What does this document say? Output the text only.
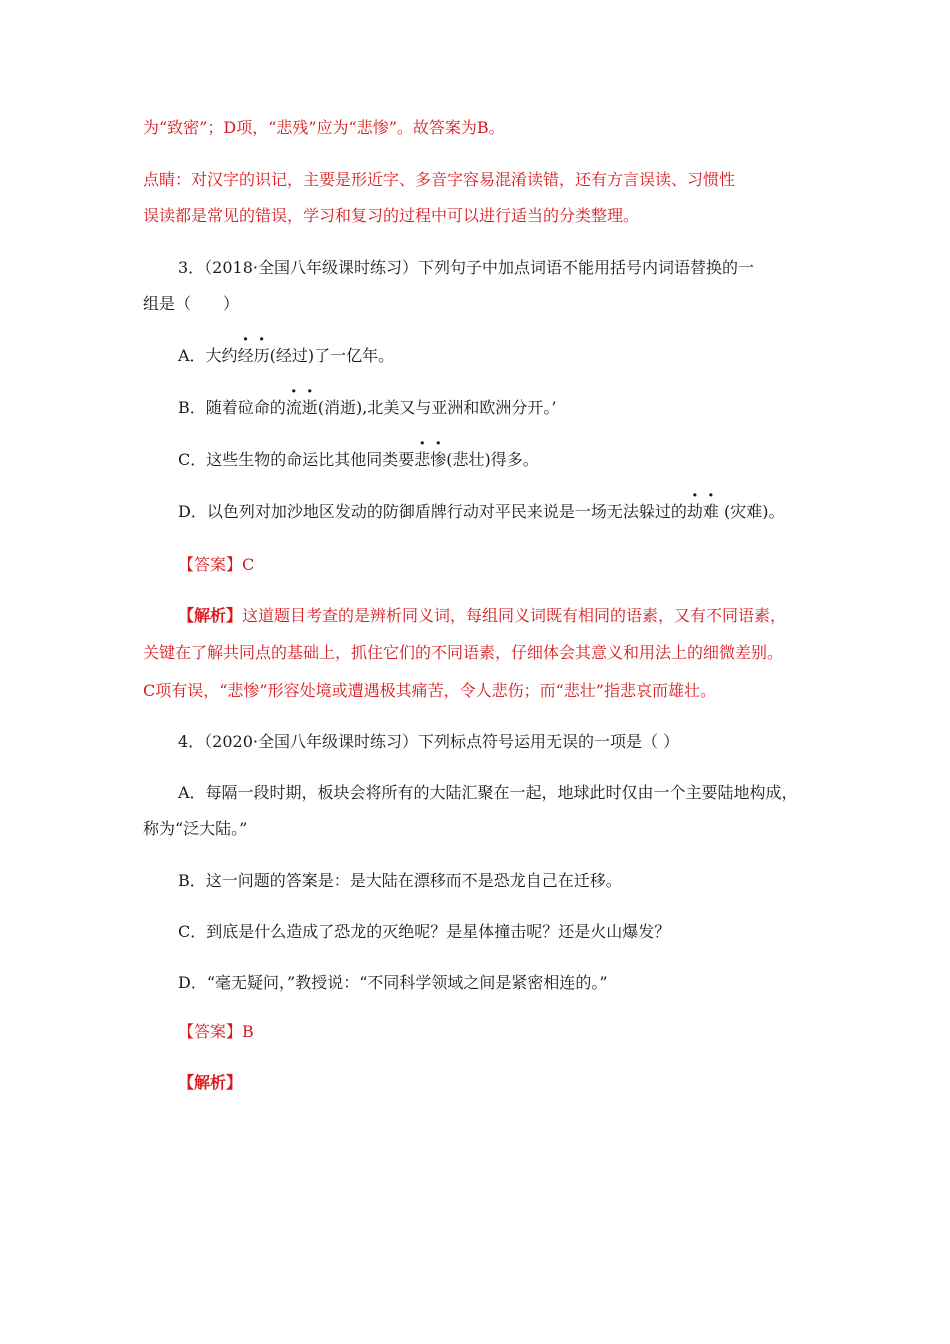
为“致密”；D项，“悲残”应为“悲惨”。故答案为B。
点睛：对汉字的识记，主要是形近字、多音字容易混淆读错，还有方言误读、习惯性
误读都是常见的错误，学习和复习的过程中可以进行适当的分类整理。
3．（2018·全国八年级课时练习）下列句子中加点词语不能用括号内词语替换的一
组是（　　）
A．大约经历(经过)了一亿年。
B．随着砬命的流逝(消逝),北美又与亚洲和欧洲分开。’
C．这些生物的命运比其他同类要悲惨(悲壮)得多。
D．以色列对加沙地区发动的防御盾牌行动对平民来说是一场无法躲过的劫难 (灾难)。
【答案】C
【解析】这道题目考查的是辨析同义词，每组同义词既有相同的语素，又有不同语素，
关键在了解共同点的基础上，抓住它们的不同语素，仔细体会其意义和用法上的细微差别。
C项有误，“悲惨”形容处境或遭遇极其痛苦，令人悲伤；而“悲壮”指悲哀而雄壮。
4．（2020·全国八年级课时练习）下列标点符号运用无误的一项是（ ）
A．每隔一段时期，板块会将所有的大陆汇聚在一起，地球此时仅由一个主要陆地构成，
称为“泛大陆。”
B．这一问题的答案是：是大陆在漂移而不是恐龙自己在迁移。
C．到底是什么造成了恐龙的灭绝呢？是星体撞击呢？还是火山爆发？
D．“毫无疑问，”教授说：“不同科学领域之间是紧密相连的。”
【答案】B
【解析】
